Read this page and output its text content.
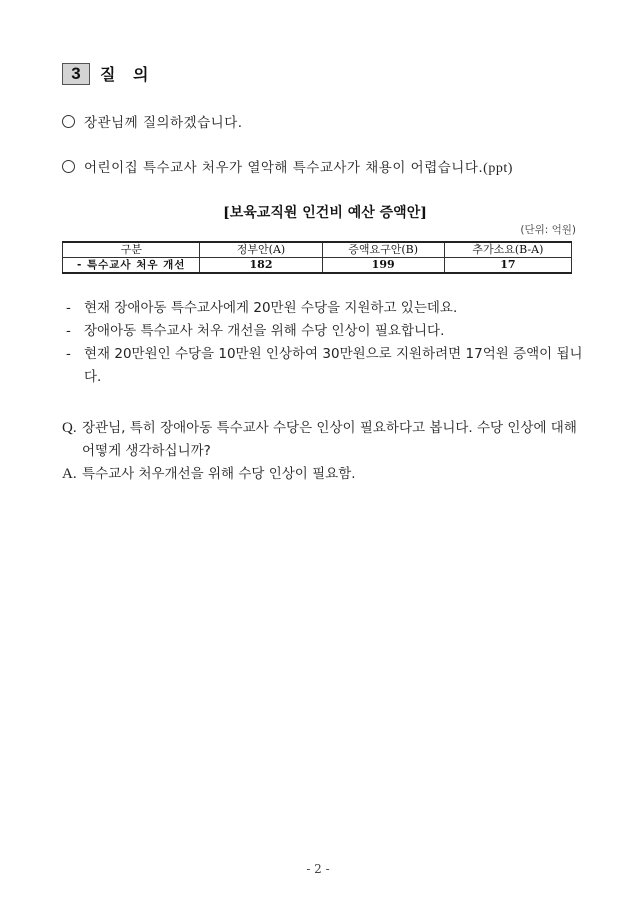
3	질 의
장관님께 질의하겠습니다.
어린이집 특수교사 처우가 열악해 특수교사가 채용이 어렵습니다.(ppt)
[보육교직원 인건비 예산 증액안]
(단위: 억원)
구분	정부안(A)	증액요구안(B)	추가소요(B-A)
- 특수교사 처우 개선	182	199	17
- 현재 장애아동 특수교사에게 20만원 수당을 지원하고 있는데요.
- 장애아동 특수교사 처우 개선을 위해 수당 인상이 필요합니다.
- 현재 20만원인 수당을 10만원 인상하여 30만원으로 지원하려면 17억원 증액이 됩니다.
Q. 장관님, 특히 장애아동 특수교사 수당은 인상이 필요하다고 봅니다. 수당 인상에 대해 어떻게 생각하십니까?
A. 특수교사 처우개선을 위해 수당 인상이 필요함.
- 2 -
